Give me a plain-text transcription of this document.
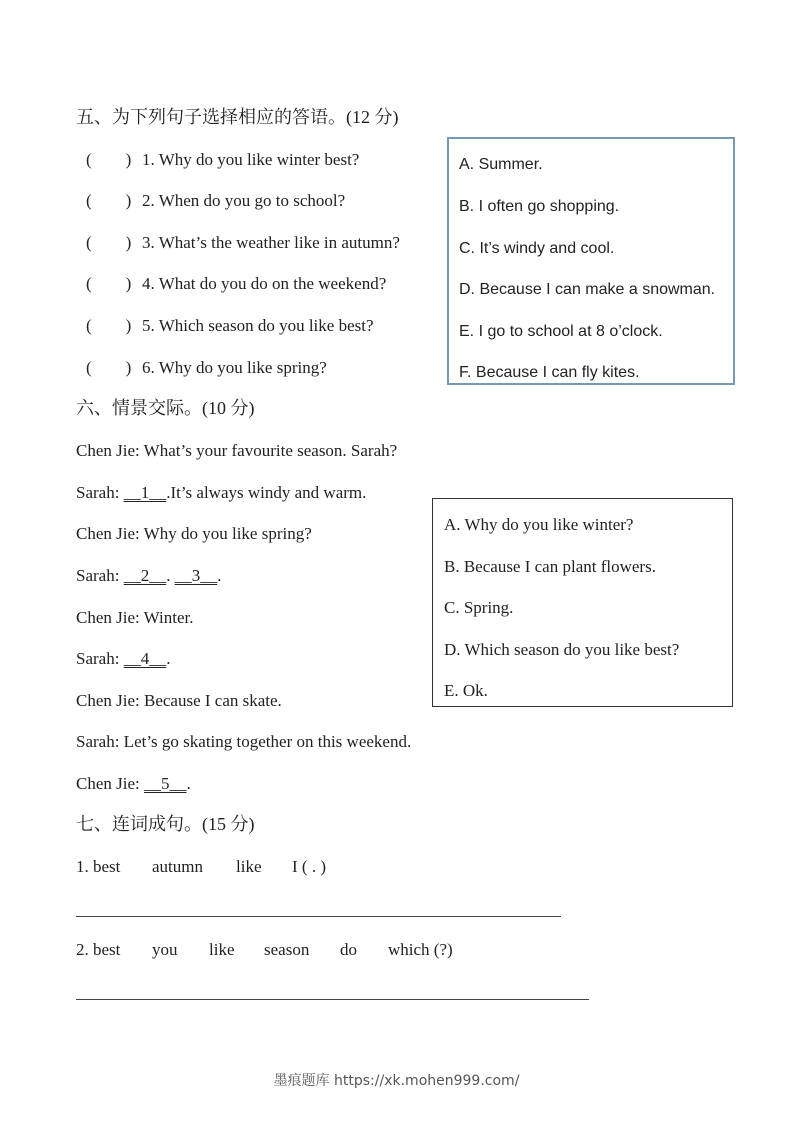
五、为下列句子选择相应的答语。(12 分)
(　　) 1. Why do you like winter best?
(　　) 2. When do you go to school?
(　　) 3. What’s the weather like in autumn?
(　　) 4. What do you do on the weekend?
(　　) 5. Which season do you like best?
(　　) 6. Why do you like spring?
A. Summer.
B. I often go shopping.
C. It’s windy and cool.
D. Because I can make a snowman.
E. I go to school at 8 o’clock.
F. Because I can fly kites.
六、情景交际。(10 分)
Chen Jie: What’s your favourite season. Sarah?
Sarah: __1__.It’s always windy and warm.
Chen Jie: Why do you like spring?
Sarah: __2__. __3__.
Chen Jie: Winter.
Sarah: __4__.
Chen Jie: Because I can skate.
Sarah: Let’s go skating together on this weekend.
Chen Jie: __5__.
A. Why do you like winter?
B. Because I can plant flowers.
C. Spring.
D. Which season do you like best?
E. Ok.
七、连词成句。(15 分)
1. best autumn like I ( . )
2. best you like season do which (?)
墨痕题库 https://xk.mohen999.com/
